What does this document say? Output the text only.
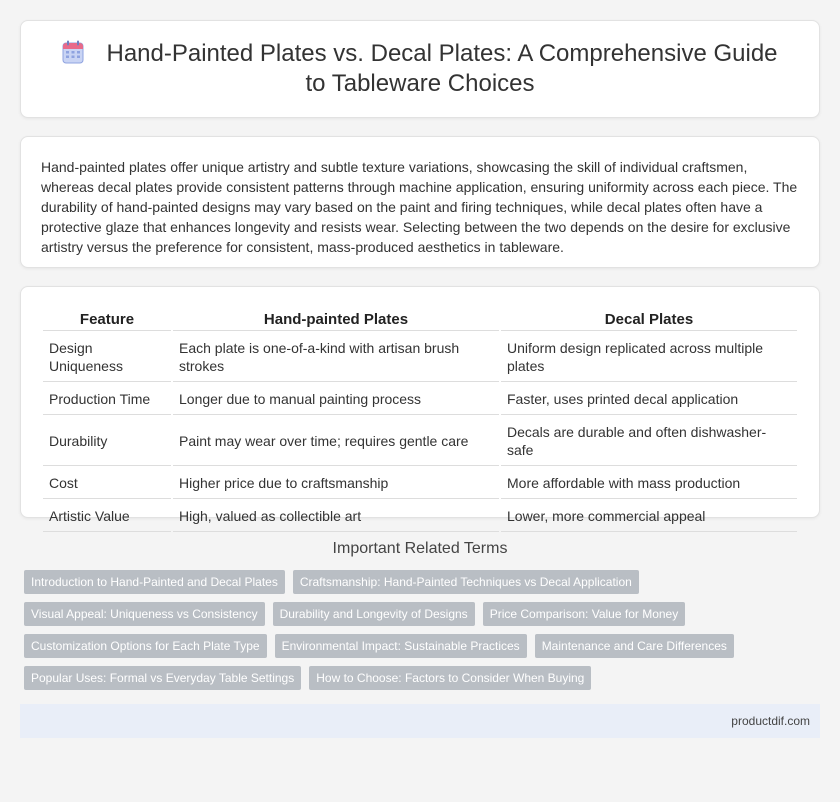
Hand-Painted Plates vs. Decal Plates: A Comprehensive Guide to Tableware Choices

Hand-painted plates offer unique artistry and subtle texture variations, showcasing the skill of individual craftsmen, whereas decal plates provide consistent patterns through machine application, ensuring uniformity across each piece. The durability of hand-painted designs may vary based on the paint and firing techniques, while decal plates often have a protective glaze that enhances longevity and resists wear. Selecting between the two depends on the desire for exclusive artistry versus the preference for consistent, mass-produced aesthetics in tableware.

Feature	Hand-painted Plates	Decal Plates
Design Uniqueness	Each plate is one-of-a-kind with artisan brush strokes	Uniform design replicated across multiple plates
Production Time	Longer due to manual painting process	Faster, uses printed decal application
Durability	Paint may wear over time; requires gentle care	Decals are durable and often dishwasher-safe
Cost	Higher price due to craftsmanship	More affordable with mass production
Artistic Value	High, valued as collectible art	Lower, more commercial appeal
Important Related Terms
Introduction to Hand-Painted and Decal Plates	Craftsmanship: Hand-Painted Techniques vs Decal Application
Visual Appeal: Uniqueness vs Consistency	Durability and Longevity of Designs	Price Comparison: Value for Money
Customization Options for Each Plate Type	Environmental Impact: Sustainable Practices	Maintenance and Care Differences
Popular Uses: Formal vs Everyday Table Settings	How to Choose: Factors to Consider When Buying
productdif.com
